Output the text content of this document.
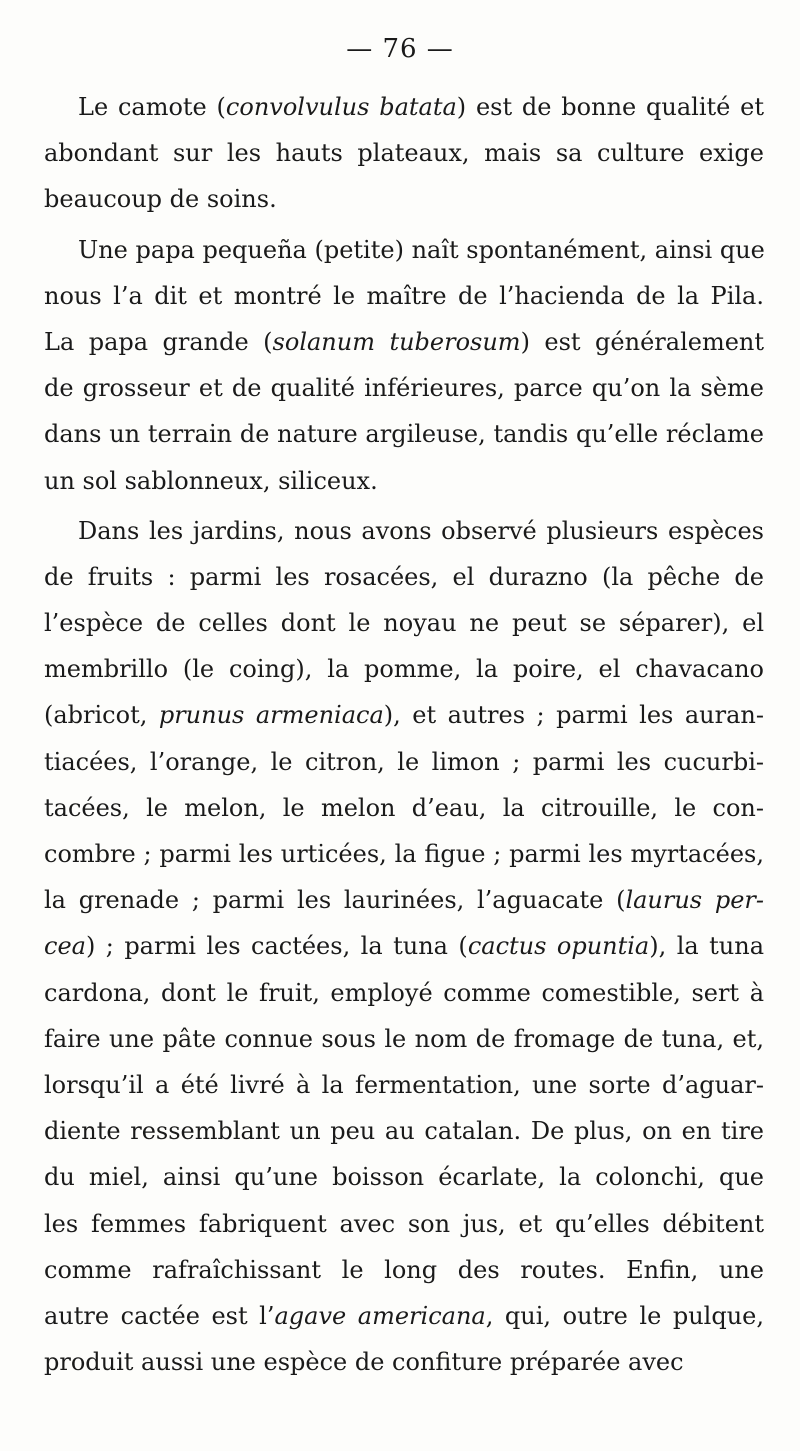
— 76 —
Le camote (convolvulus batata) est de bonne qualité et
abondant sur les hauts plateaux, mais sa culture exige
beaucoup de soins.
Une papa pequeña (petite) naît spontanément, ainsi que
nous l’a dit et montré le maître de l’hacienda de la Pila.
La papa grande (solanum tuberosum) est généralement
de grosseur et de qualité inférieures, parce qu’on la sème
dans un terrain de nature argileuse, tandis qu’elle réclame
un sol sablonneux, siliceux.
Dans les jardins, nous avons observé plusieurs espèces
de fruits : parmi les rosacées, el durazno (la pêche de
l’espèce de celles dont le noyau ne peut se séparer), el
membrillo (le coing), la pomme, la poire, el chavacano
(abricot, prunus armeniaca), et autres ; parmi les auran-
tiacées, l’orange, le citron, le limon ; parmi les cucurbi-
tacées, le melon, le melon d’eau, la citrouille, le con-
combre ; parmi les urticées, la figue ; parmi les myrtacées,
la grenade ; parmi les laurinées, l’aguacate (laurus per-
cea) ; parmi les cactées, la tuna (cactus opuntia), la tuna
cardona, dont le fruit, employé comme comestible, sert à
faire une pâte connue sous le nom de fromage de tuna, et,
lorsqu’il a été livré à la fermentation, une sorte d’aguar-
diente ressemblant un peu au catalan. De plus, on en tire
du miel, ainsi qu’une boisson écarlate, la colonchi, que
les femmes fabriquent avec son jus, et qu’elles débitent
comme rafraîchissant le long des routes. Enfin, une
autre cactée est l’agave americana, qui, outre le pulque,
produit aussi une espèce de confiture préparée avec
